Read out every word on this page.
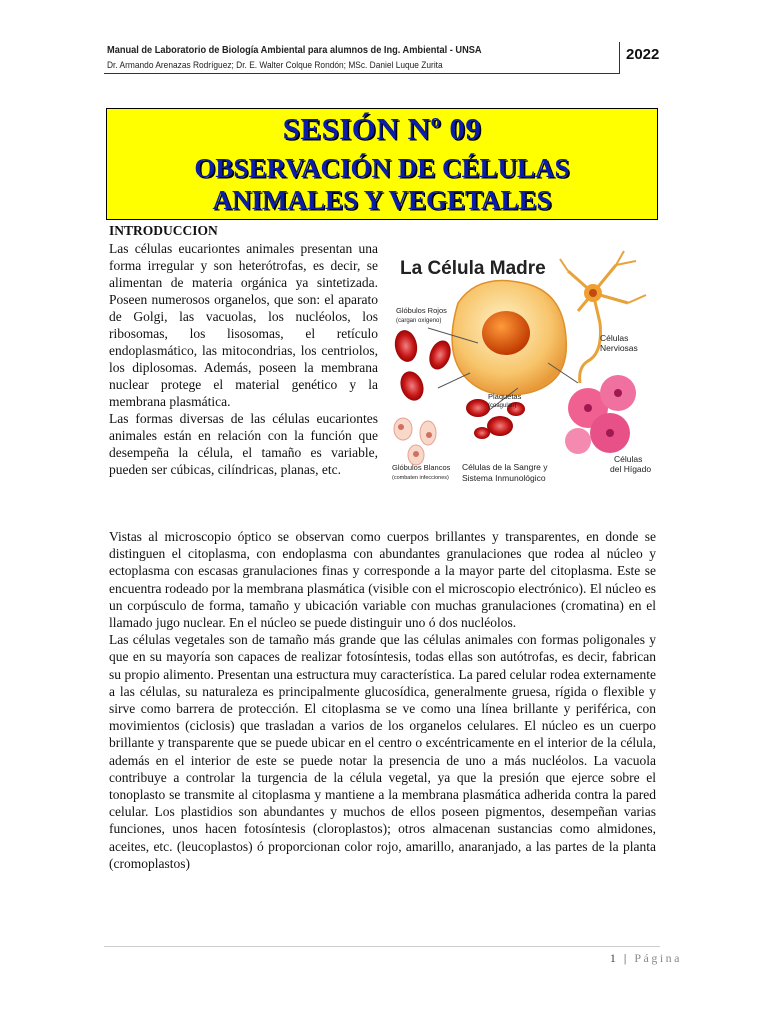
Manual de Laboratorio de Biología Ambiental para alumnos de Ing. Ambiental - UNSA
Dr. Armando Arenazas Rodríguez; Dr. E. Walter Colque Rondón; MSc. Daniel Luque Zurita
2022
SESIÓN Nº 09
OBSERVACIÓN DE CÉLULAS
ANIMALES Y VEGETALES
INTRODUCCION

Las células eucariontes animales presentan una forma irregular y son heterótrofas, es decir, se alimentan de materia orgánica ya sintetizada. Poseen numerosos organelos, que son: el aparato de Golgi, las vacuolas, los nucléolos, los ribosomas, los lisosomas, el retículo endoplasmático, las mitocondrias, los centriolos, los diplosomas. Además, poseen la membrana nuclear protege el material genético y la membrana plasmática.

Las formas diversas de las células eucariontes animales están en relación con la función que desempeña la célula, el tamaño es variable, pueden ser cúbicas, cilíndricas, planas, etc.

La Célula Madre
Células
Nerviosas
Glóbulos Rojos
(cargan oxígeno)
Plaquetas
(coagulan)
Células
del Hígado
Glóbulos Blancos
(combaten infecciones)
Células de la Sangre y
Sistema Inmunológico

Vistas al microscopio óptico se observan como cuerpos brillantes y transparentes, en donde se distinguen el citoplasma, con endoplasma con abundantes granulaciones que rodea al núcleo y ectoplasma con escasas granulaciones finas y corresponde a la mayor parte del citoplasma. Este se encuentra rodeado por la membrana plasmática (visible con el microscopio electrónico). El núcleo es un corpúsculo de forma, tamaño y ubicación variable con muchas granulaciones (cromatina) en el llamado jugo nuclear. En el núcleo se puede distinguir uno ó dos nucléolos.

Las células vegetales son de tamaño más grande que las células animales con formas poligonales y que en su mayoría son capaces de realizar fotosíntesis, todas ellas son autótrofas, es decir, fabrican su propio alimento. Presentan una estructura muy característica. La pared celular rodea externamente a las células, su naturaleza es principalmente glucosídica, generalmente gruesa, rígida o flexible y sirve como barrera de protección. El citoplasma se ve como una línea brillante y periférica, con movimientos (ciclosis) que trasladan a varios de los organelos celulares. El núcleo es un cuerpo brillante y transparente que se puede ubicar en el centro o excéntricamente en el interior de la célula, además en el interior de este se puede notar la presencia de uno a más nucléolos. La vacuola contribuye a controlar la turgencia de la célula vegetal, ya que la presión que ejerce sobre el tonoplasto se transmite al citoplasma y mantiene a la membrana plasmática adherida contra la pared celular. Los plastidios son abundantes y muchos de ellos poseen pigmentos, desempeñan varias funciones, unos hacen fotosíntesis (cloroplastos); otros almacenan sustancias como almidones, aceites, etc. (leucoplastos) ó proporcionan color rojo, amarillo, anaranjado, a las partes de la planta (cromoplastos)

1 | Página
